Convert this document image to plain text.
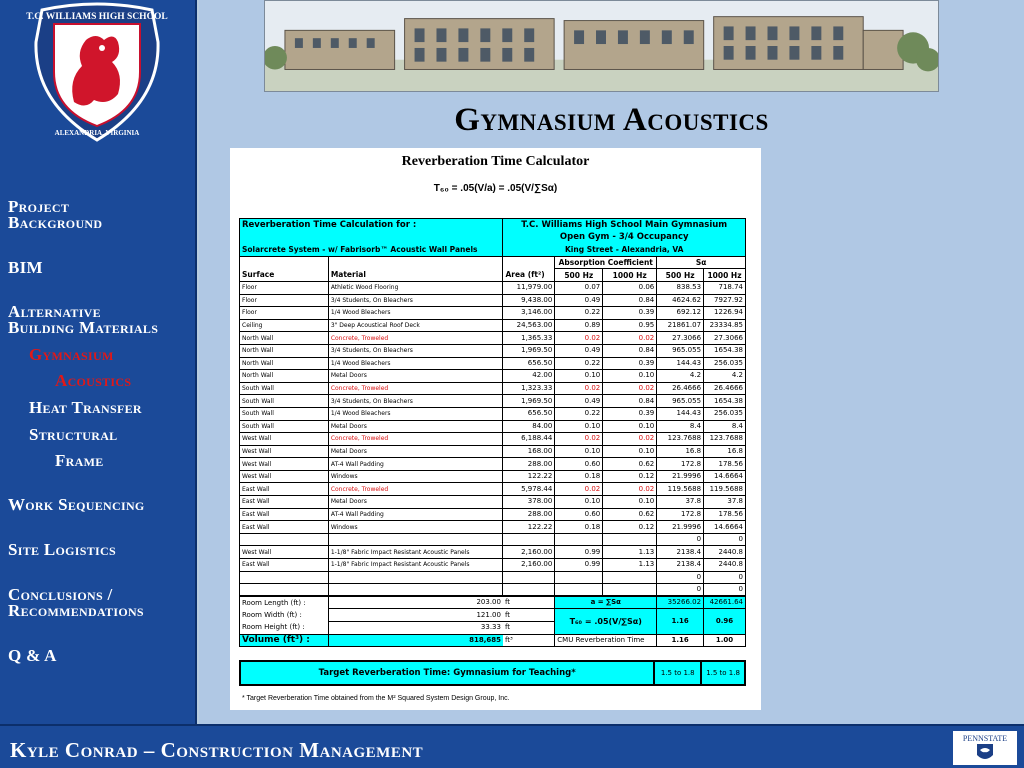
T.C. WILLIAMS HIGH SCHOOL
ALEXANDRIA, VIRGINIA
Project
Background
BIM
Alternative
Building Materials
Gymnasium
Acoustics
Heat Transfer
Structural
Frame
Work Sequencing
Site Logistics
Conclusions /
Recommendations
Q & A
Gymnasium Acoustics
Reverberation Time Calculator
T₆₀ = .05(V/a) = .05(V/∑Sα)
Reverberation Time Calculation for :		T.C. Williams High School Main Gymnasium				
		Open Gym - 3/4 Occupancy				
Solarcrete System - w/ Fabrisorb™ Acoustic Wall Panels		King Street - Alexandria, VA				
			Absorption Coefficient		Sα	
Surface	Material	Area (ft²)	500 Hz	1000 Hz	500 Hz	1000 Hz
Floor	Athletic Wood Flooring	11,979.00	0.07	0.06	838.53	718.74
Floor	3/4 Students, On Bleachers	9,438.00	0.49	0.84	4624.62	7927.92
Floor	1/4 Wood Bleachers	3,146.00	0.22	0.39	692.12	1226.94
Ceiling	3" Deep Acoustical Roof Deck	24,563.00	0.89	0.95	21861.07	23334.85
North Wall	Concrete, Troweled	1,365.33	0.02	0.02	27.3066	27.3066
North Wall	3/4 Students, On Bleachers	1,969.50	0.49	0.84	965.055	1654.38
North Wall	1/4 Wood Bleachers	656.50	0.22	0.39	144.43	256.035
North Wall	Metal Doors	42.00	0.10	0.10	4.2	4.2
South Wall	Concrete, Troweled	1,323.33	0.02	0.02	26.4666	26.4666
South Wall	3/4 Students, On Bleachers	1,969.50	0.49	0.84	965.055	1654.38
South Wall	1/4 Wood Bleachers	656.50	0.22	0.39	144.43	256.035
South Wall	Metal Doors	84.00	0.10	0.10	8.4	8.4
West Wall	Concrete, Troweled	6,188.44	0.02	0.02	123.7688	123.7688
West Wall	Metal Doors	168.00	0.10	0.10	16.8	16.8
West Wall	AT-4 Wall Padding	288.00	0.60	0.62	172.8	178.56
West Wall	Windows	122.22	0.18	0.12	21.9996	14.6664
East Wall	Concrete, Troweled	5,978.44	0.02	0.02	119.5688	119.5688
East Wall	Metal Doors	378.00	0.10	0.10	37.8	37.8
East Wall	AT-4 Wall Padding	288.00	0.60	0.62	172.8	178.56
East Wall	Windows	122.22	0.18	0.12	21.9996	14.6664
					0	0
West Wall	1-1/8" Fabric Impact Resistant Acoustic Panels	2,160.00	0.99	1.13	2138.4	2440.8
East Wall	1-1/8" Fabric Impact Resistant Acoustic Panels	2,160.00	0.99	1.13	2138.4	2440.8
					0	0
					0	0
Room Length (ft) :	203.00	ft	a = ∑Sα		35266.02	42661.64
Room Width (ft) :	121.00	ft	T₆₀ = .05(V/∑Sα)		1.16	0.96
Room Height (ft) :	33.33	ft				
Volume (ft³) :	818,685	ft³	CMU Reverberation Time		1.16	1.00
Target Reverberation Time: Gymnasium for Teaching*	1.5 to 1.8	1.5 to 1.8
* Target Reverberation Time obtained from the M² Squared System Design Group, Inc.
Kyle Conrad – Construction Management	PENNSTATE
